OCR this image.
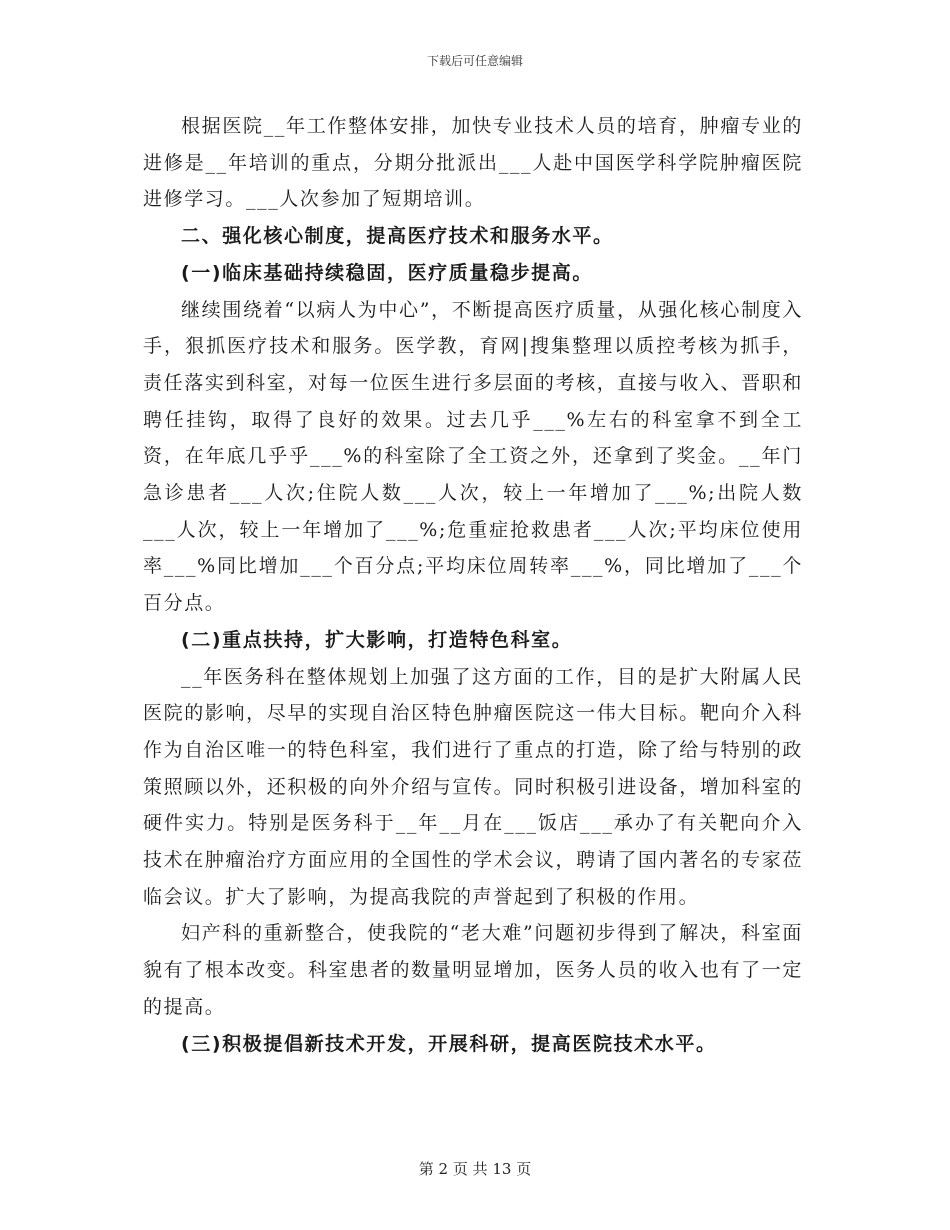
下载后可任意编辑

根据医院__年工作整体安排，加快专业技术人员的培育，肿瘤专业的进修是__年培训的重点，分期分批派出___人赴中国医学科学院肿瘤医院进修学习。___人次参加了短期培训。

二、强化核心制度，提高医疗技术和服务水平。

(一)临床基础持续稳固，医疗质量稳步提高。

继续围绕着“以病人为中心”，不断提高医疗质量，从强化核心制度入手，狠抓医疗技术和服务。医学教，育网|搜集整理以质控考核为抓手，责任落实到科室，对每一位医生进行多层面的考核，直接与收入、晋职和聘任挂钩，取得了良好的效果。过去几乎___%左右的科室拿不到全工资，在年底几乎乎___%的科室除了全工资之外，还拿到了奖金。__年门急诊患者___人次;住院人数___人次，较上一年增加了___%;出院人数___人次，较上一年增加了___%;危重症抢救患者___人次;平均床位使用率___%同比增加___个百分点;平均床位周转率___%，同比增加了___个百分点。

(二)重点扶持，扩大影响，打造特色科室。

__年医务科在整体规划上加强了这方面的工作，目的是扩大附属人民医院的影响，尽早的实现自治区特色肿瘤医院这一伟大目标。靶向介入科作为自治区唯一的特色科室，我们进行了重点的打造，除了给与特别的政策照顾以外，还积极的向外介绍与宣传。同时积极引进设备，增加科室的硬件实力。特别是医务科于__年__月在___饭店___承办了有关靶向介入技术在肿瘤治疗方面应用的全国性的学术会议，聘请了国内著名的专家莅临会议。扩大了影响，为提高我院的声誉起到了积极的作用。

妇产科的重新整合，使我院的“老大难”问题初步得到了解决，科室面貌有了根本改变。科室患者的数量明显增加，医务人员的收入也有了一定的提高。

(三)积极提倡新技术开发，开展科研，提高医院技术水平。

第 2 页 共 13 页
